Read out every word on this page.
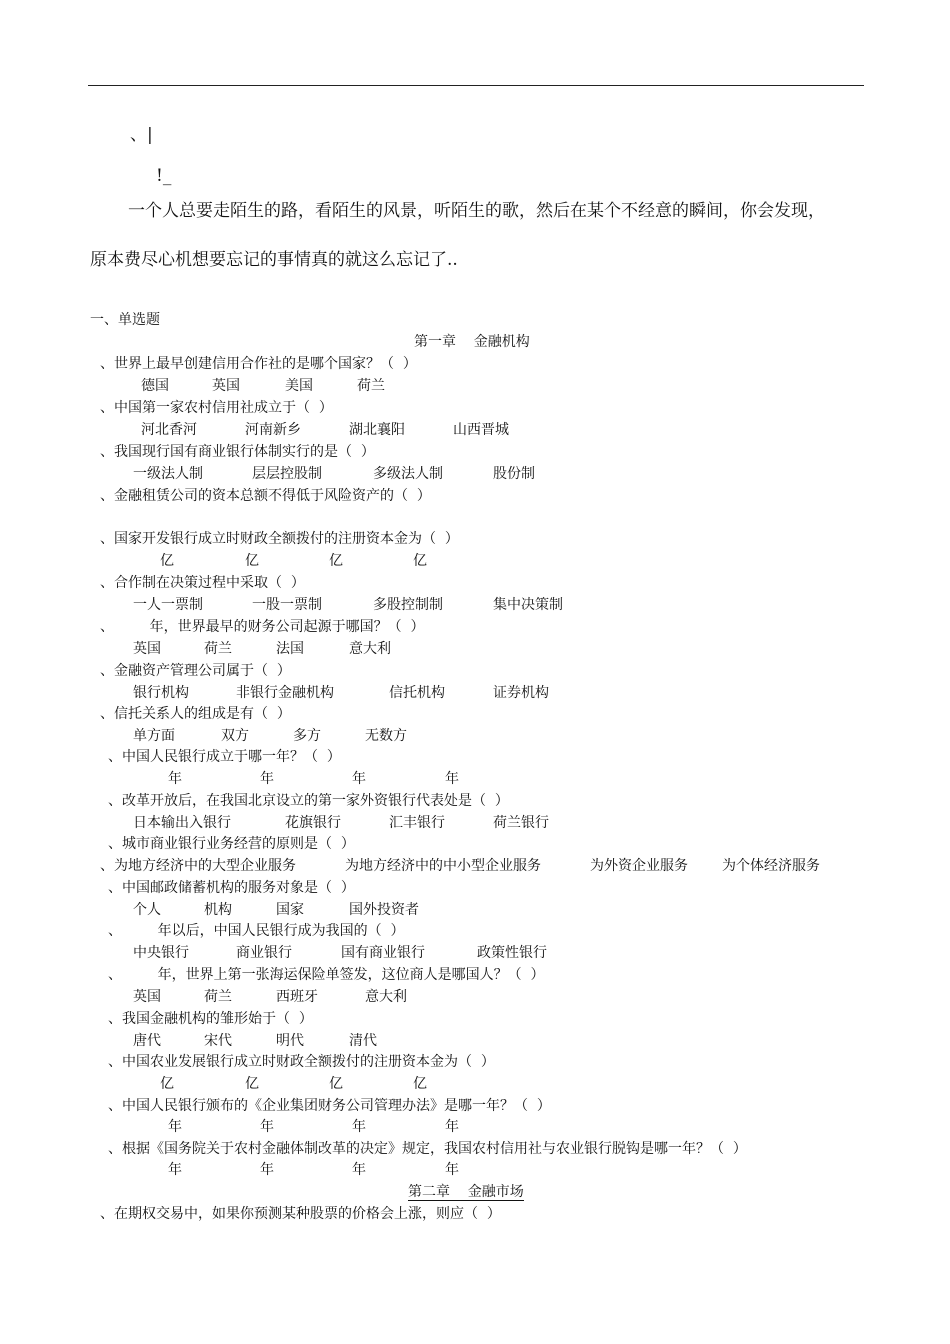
、|
!_
一个人总要走陌生的路，看陌生的风景，听陌生的歌，然后在某个不经意的瞬间，你会发现，
原本费尽心机想要忘记的事情真的就这么忘记了..
一、单选题
第一章    金融机构
、世界上最早创建信用合作社的是哪个国家？（  ）
德国	英国	美国	荷兰
、中国第一家农村信用社成立于（  ）
河北香河	河南新乡	湖北襄阳	山西晋城
、我国现行国有商业银行体制实行的是（  ）
一级法人制	层层控股制	多级法人制	股份制
、金融租赁公司的资本总额不得低于风险资产的（  ）
、国家开发银行成立时财政全额拨付的注册资本金为（  ）
亿	亿	亿	亿
、合作制在决策过程中采取（  ）
一人一票制	一股一票制	多股控制制	集中决策制
、        年，世界最早的财务公司起源于哪国？（  ）
英国	荷兰	法国	意大利
、金融资产管理公司属于（  ）
银行机构	非银行金融机构	信托机构	证券机构
、信托关系人的组成是有（  ）
单方面	双方	多方	无数方
、中国人民银行成立于哪一年？（  ）
年	年	年	年
、改革开放后，在我国北京设立的第一家外资银行代表处是（  ）
日本输出入银行	花旗银行	汇丰银行	荷兰银行
、城市商业银行业务经营的原则是（  ）
、为地方经济中的大型企业服务	为地方经济中的中小型企业服务	为外资企业服务 为个体经济服务
、中国邮政储蓄机构的服务对象是（  ）
个人	机构	国家	国外投资者
、        年以后，中国人民银行成为我国的（  ）
中央银行	商业银行	国有商业银行	政策性银行
、        年，世界上第一张海运保险单签发，这位商人是哪国人？（  ）
英国	荷兰	西班牙	意大利
、我国金融机构的雏形始于（  ）
唐代	宋代	明代	清代
、中国农业发展银行成立时财政全额拨付的注册资本金为（  ）
亿	亿	亿	亿
、中国人民银行颁布的《企业集团财务公司管理办法》是哪一年？（  ）
年	年	年	年
、根据《国务院关于农村金融体制改革的决定》规定，我国农村信用社与农业银行脱钩是哪一年？（  ）
年	年	年	年
第二章    金融市场
、在期权交易中，如果你预测某种股票的价格会上涨，则应（  ）
